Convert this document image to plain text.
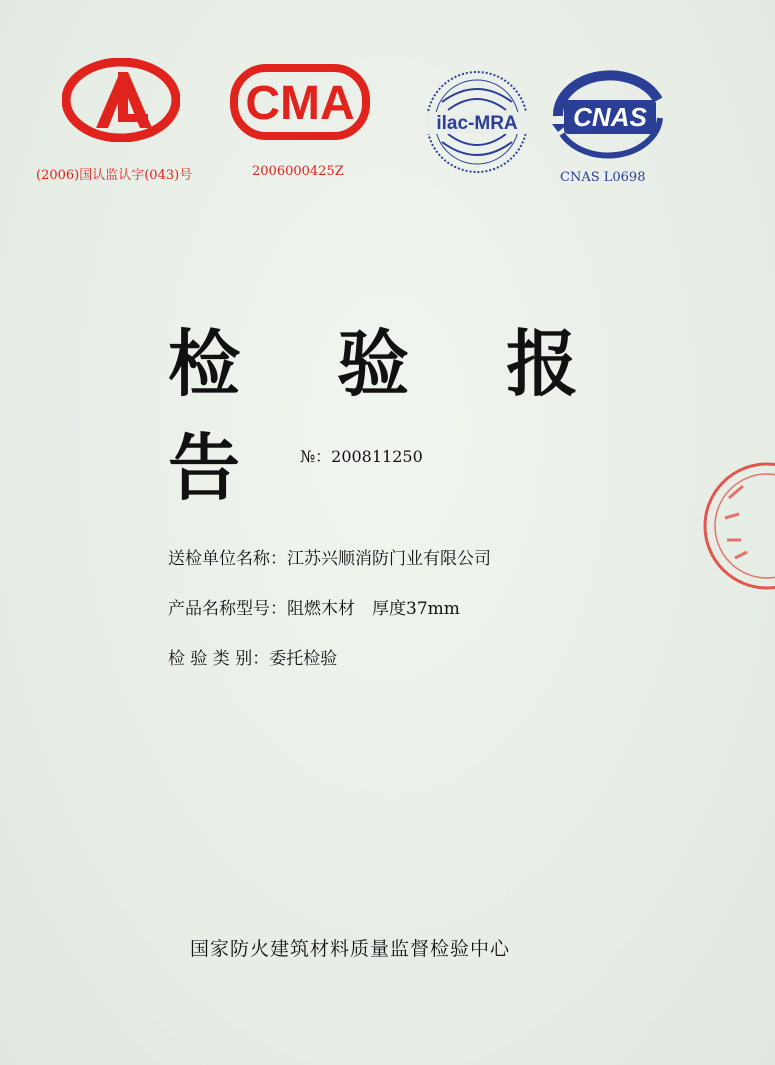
(2006)国认监认字(043)号
CMA
2006000425Z
ilac-MRA CNAS
CNAS L0698
检 验 报 告	№：200811250
送检单位名称：江苏兴顺消防门业有限公司
产品名称型号：阻燃木材　厚度37mm
检 验 类 别：委托检验
国家防火建筑材料质量监督检验中心
